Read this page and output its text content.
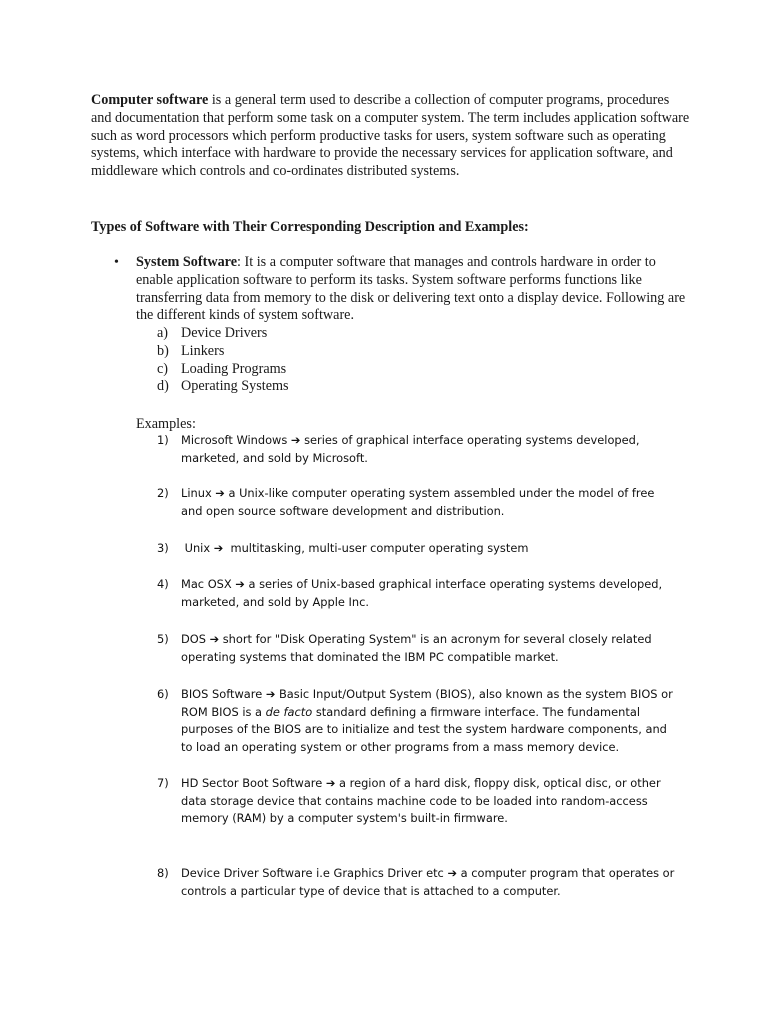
Computer software is a general term used to describe a collection of computer programs, procedures and documentation that perform some task on a computer system. The term includes application software such as word processors which perform productive tasks for users, system software such as operating systems, which interface with hardware to provide the necessary services for application software, and middleware which controls and co-ordinates distributed systems.

Types of Software with Their Corresponding Description and Examples:
• System Software: It is a computer software that manages and controls hardware in order to enable application software to perform its tasks. System software performs functions like transferring data from memory to the disk or delivering text onto a display device. Following are the different kinds of system software.

a) Device Drivers
b) Linkers
c) Loading Programs
d) Operating Systems
Examples:
1) Microsoft Windows ➔ series of graphical interface operating systems developed, marketed, and sold by Microsoft.
2) Linux ➔ a Unix-like computer operating system assembled under the model of free and open source software development and distribution.
3) Unix ➔  multitasking, multi-user computer operating system
4) Mac OSX ➔ a series of Unix-based graphical interface operating systems developed, marketed, and sold by Apple Inc.
5) DOS ➔ short for "Disk Operating System" is an acronym for several closely related operating systems that dominated the IBM PC compatible market.
6) BIOS Software ➔ Basic Input/Output System (BIOS), also known as the system BIOS or ROM BIOS is a de facto standard defining a firmware interface. The fundamental purposes of the BIOS are to initialize and test the system hardware components, and to load an operating system or other programs from a mass memory device.
7) HD Sector Boot Software ➔ a region of a hard disk, floppy disk, optical disc, or other data storage device that contains machine code to be loaded into random-access memory (RAM) by a computer system's built-in firmware.
8) Device Driver Software i.e Graphics Driver etc ➔ a computer program that operates or controls a particular type of device that is attached to a computer.
